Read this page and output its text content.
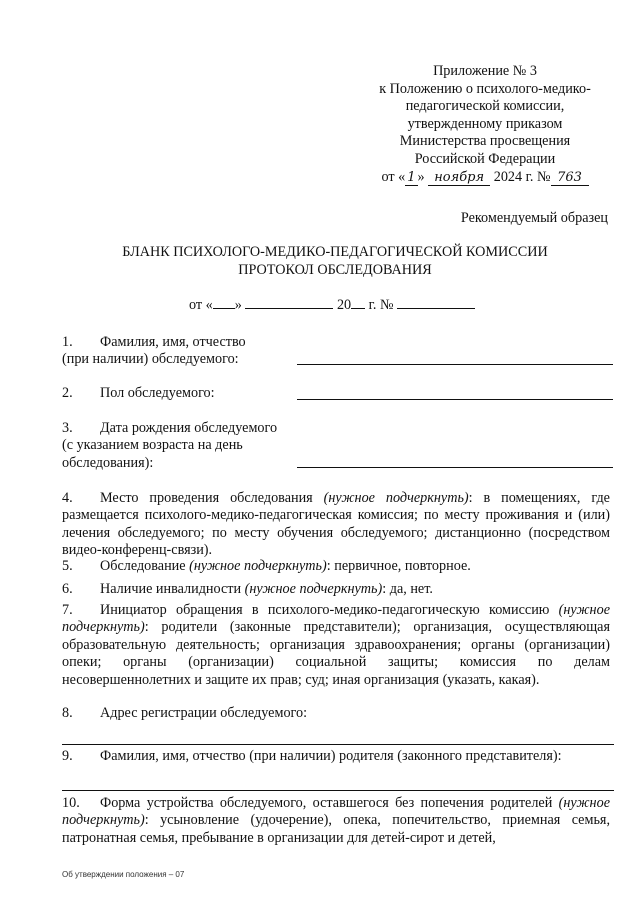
Приложение № 3
к Положению о психолого-медико-
педагогической комиссии,
утвержденному приказом
Министерства просвещения
Российской Федерации
от « 1 » ноября 2024 г. № 763
Рекомендуемый образец
БЛАНК ПСИХОЛОГО-МЕДИКО-ПЕДАГОГИЧЕСКОЙ КОМИССИИ
ПРОТОКОЛ ОБСЛЕДОВАНИЯ
от « »	20 г. №
1. Фамилия, имя, отчество
(при наличии) обследуемого:
2. Пол обследуемого:
3. Дата рождения обследуемого
(с указанием возраста на день
обследования):
4. Место проведения обследования (нужное подчеркнуть): в помещениях, где размещается психолого-медико-педагогическая комиссия; по месту проживания и (или) лечения обследуемого; по месту обучения обследуемого; дистанционно (посредством видео-конференц-связи).
5. Обследование (нужное подчеркнуть): первичное, повторное.
6. Наличие инвалидности (нужное подчеркнуть): да, нет.
7. Инициатор обращения в психолого-медико-педагогическую комиссию (нужное подчеркнуть): родители (законные представители); организация, осуществляющая образовательную деятельность; организация здравоохранения; органы (организации) опеки; органы (организации) социальной защиты; комиссия по делам несовершеннолетних и защите их прав; суд; иная организация (указать, какая).
8. Адрес регистрации обследуемого:
9. Фамилия, имя, отчество (при наличии) родителя (законного представителя):
10. Форма устройства обследуемого, оставшегося без попечения родителей (нужное подчеркнуть): усыновление (удочерение), опека, попечительство, приемная семья, патронатная семья, пребывание в организации для детей-сирот и детей,
Об утверждении положения – 07
